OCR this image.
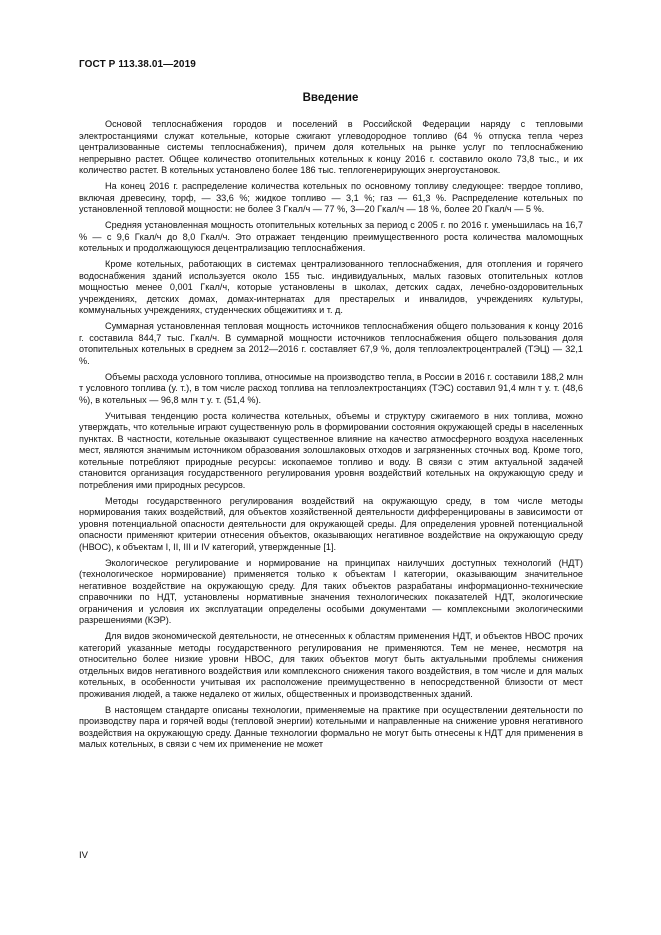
ГОСТ Р 113.38.01—2019
Введение

Основой теплоснабжения городов и поселений в Российской Федерации наряду с тепловыми электростанциями служат котельные, которые сжигают углеводородное топливо (64 % отпуска тепла через централизованные системы теплоснабжения), причем доля котельных на рынке услуг по теплоснабжению непрерывно растет. Общее количество отопительных котельных к концу 2016 г. составило около 73,8 тыс., и их количество растет. В котельных установлено более 186 тыс. теплогенерирующих энергоустановок.

На конец 2016 г. распределение количества котельных по основному топливу следующее: твердое топливо, включая древесину, торф, — 33,6 %; жидкое топливо — 3,1 %; газ — 61,3 %. Распределение котельных по установленной тепловой мощности: не более 3 Гкал/ч — 77 %, 3—20 Гкал/ч — 18 %, более 20 Гкал/ч — 5 %.

Средняя установленная мощность отопительных котельных за период с 2005 г. по 2016 г. уменьшилась на 16,7 % — с 9,6 Гкал/ч до 8,0 Гкал/ч. Это отражает тенденцию преимущественного роста количества маломощных котельных и продолжающуюся децентрализацию теплоснабжения.

Кроме котельных, работающих в системах централизованного теплоснабжения, для отопления и горячего водоснабжения зданий используется около 155 тыс. индивидуальных, малых газовых отопительных котлов мощностью менее 0,001 Гкал/ч, которые установлены в школах, детских садах, лечебно-оздоровительных учреждениях, детских домах, домах-интернатах для престарелых и инвалидов, учреждениях культуры, коммунальных учреждениях, студенческих общежитиях и т. д.

Суммарная установленная тепловая мощность источников теплоснабжения общего пользования к концу 2016 г. составила 844,7 тыс. Гкал/ч. В суммарной мощности источников теплоснабжения общего пользования доля отопительных котельных в среднем за 2012—2016 г. составляет 67,9 %, доля теплоэлектроцентралей (ТЭЦ) — 32,1 %.

Объемы расхода условного топлива, относимые на производство тепла, в России в 2016 г. составили 188,2 млн т условного топлива (у. т.), в том числе расход топлива на теплоэлектростанциях (ТЭС) составил 91,4 млн т у. т. (48,6 %), в котельных — 96,8 млн т у. т. (51,4 %).

Учитывая тенденцию роста количества котельных, объемы и структуру сжигаемого в них топлива, можно утверждать, что котельные играют существенную роль в формировании состояния окружающей среды в населенных пунктах. В частности, котельные оказывают существенное влияние на качество атмосферного воздуха населенных мест, являются значимым источником образования золошлаковых отходов и загрязненных сточных вод. Кроме того, котельные потребляют природные ресурсы: ископаемое топливо и воду. В связи с этим актуальной задачей становится организация государственного регулирования уровня воздействий котельных на окружающую среду и потребления ими природных ресурсов.

Методы государственного регулирования воздействий на окружающую среду, в том числе методы нормирования таких воздействий, для объектов хозяйственной деятельности дифференцированы в зависимости от уровня потенциальной опасности деятельности для окружающей среды. Для определения уровней потенциальной опасности применяют критерии отнесения объектов, оказывающих негативное воздействие на окружающую среду (НВОС), к объектам I, II, III и IV категорий, утвержденные [1].

Экологическое регулирование и нормирование на принципах наилучших доступных технологий (НДТ) (технологическое нормирование) применяется только к объектам I категории, оказывающим значительное негативное воздействие на окружающую среду. Для таких объектов разрабатаны информационно-технические справочники по НДТ, установлены нормативные значения технологических показателей НДТ, экологические ограничения и условия их эксплуатации определены особыми документами — комплексными экологическими разрешениями (КЭР).

Для видов экономической деятельности, не отнесенных к областям применения НДТ, и объектов НВОС прочих категорий указанные методы государственного регулирования не применяются. Тем не менее, несмотря на относительно более низкие уровни НВОС, для таких объектов могут быть актуальными проблемы снижения отдельных видов негативного воздействия или комплексного снижения такого воздействия, в том числе и для малых котельных, в особенности учитывая их расположение преимущественно в непосредственной близости от мест проживания людей, а также недалеко от жилых, общественных и производственных зданий.

В настоящем стандарте описаны технологии, применяемые на практике при осуществлении деятельности по производству пара и горячей воды (тепловой энергии) котельными и направленные на снижение уровня негативного воздействия на окружающую среду. Данные технологии формально не могут быть отнесены к НДТ для применения в малых котельных, в связи с чем их применение не может

IV
